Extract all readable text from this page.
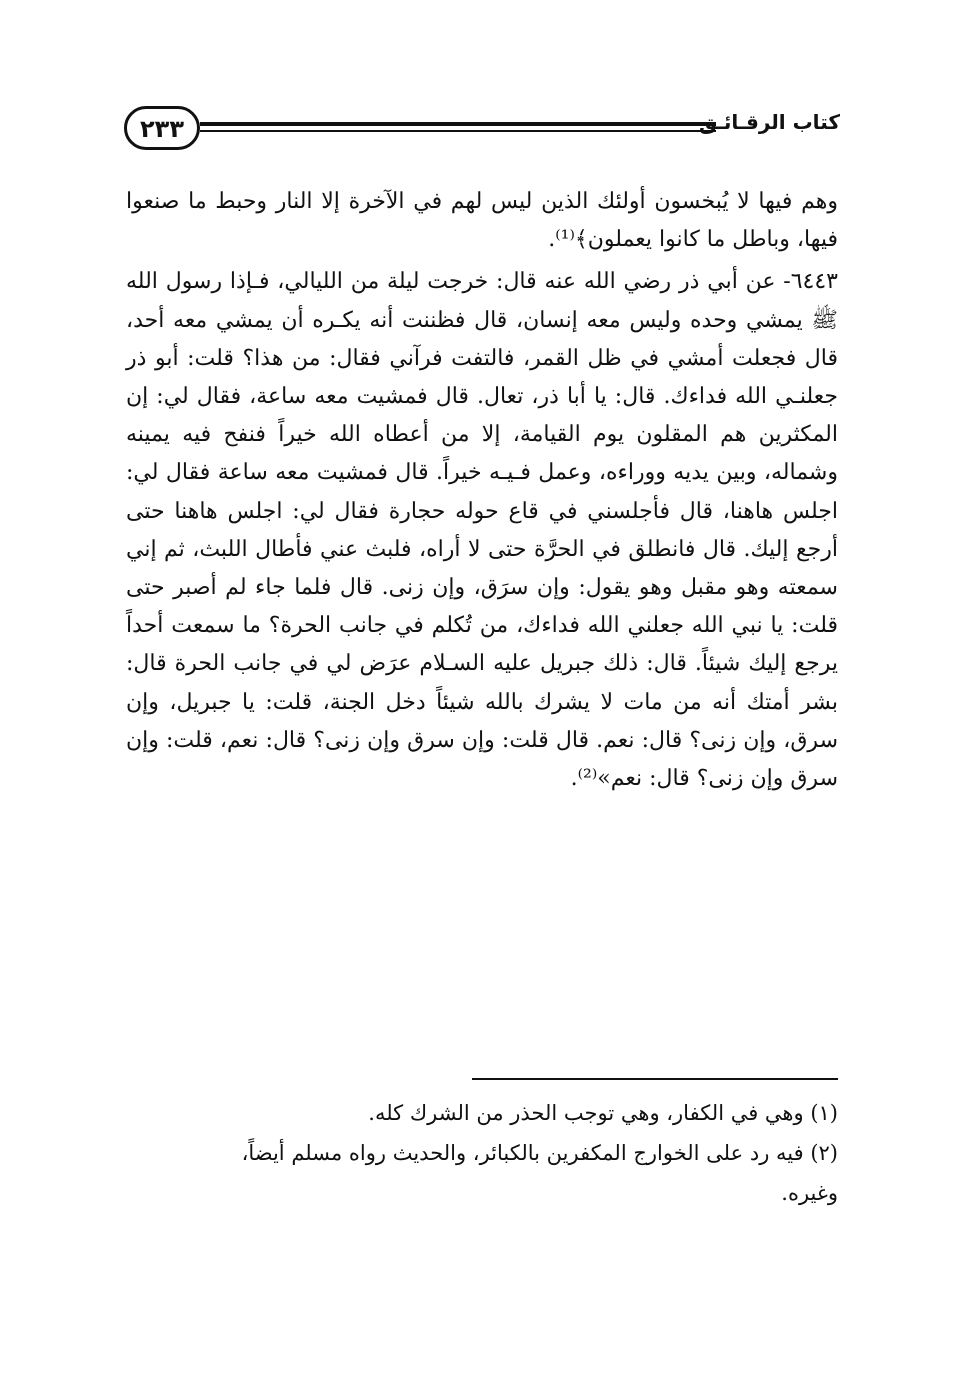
٢٣٣	كتاب الرقـائـق

وهم فيها لا يُبخسون أولئك الذين ليس لهم في الآخرة إلا النار وحبط ما صنعوا فيها، وباطل ما كانوا يعملون﴾⁽¹⁾.

٦٤٤٣- عن أبي ذر رضي الله عنه قال: خرجت ليلة من الليالي، فـإذا رسول الله ﷺ يمشي وحده وليس معه إنسان، قال فظننت أنه يكـره أن يمشي معه أحد، قال فجعلت أمشي في ظل القمر، فالتفت فرآني فقال: من هذا؟ قلت: أبو ذر جعلنـي الله فداءك. قال: يا أبا ذر، تعال. قال فمشيت معه ساعة، فقال لي: إن المكثرين هم المقلون يوم القيامة، إلا من أعطاه الله خيراً فنفح فيه يمينه وشماله، وبين يديه ووراءه، وعمل فـيـه خيراً. قال فمشيت معه ساعة فقال لي: اجلس هاهنا، قال فأجلسني في قاع حوله حجارة فقال لي: اجلس هاهنا حتى أرجع إليك. قال فانطلق في الحرَّة حتى لا أراه، فلبث عني فأطال اللبث، ثم إني سمعته وهو مقبل وهو يقول: وإن سرَق، وإن زنى. قال فلما جاء لم أصبر حتى قلت: يا نبي الله جعلني الله فداءك، من تُكلم في جانب الحرة؟ ما سمعت أحداً يرجع إليك شيئاً. قال: ذلك جبريل عليه السـلام عرَض لي في جانب الحرة قال: بشر أمتك أنه من مات لا يشرك بالله شيئاً دخل الجنة، قلت: يا جبريل، وإن سرق، وإن زنى؟ قال: نعم. قال قلت: وإن سرق وإن زنى؟ قال: نعم، قلت: وإن سرق وإن زنى؟ قال: نعم»⁽²⁾.

(١) وهي في الكفار، وهي توجب الحذر من الشرك كله.

(٢) فيه رد على الخوارج المكفرين بالكبائر، والحديث رواه مسلم أيضاً،

وغيره.
